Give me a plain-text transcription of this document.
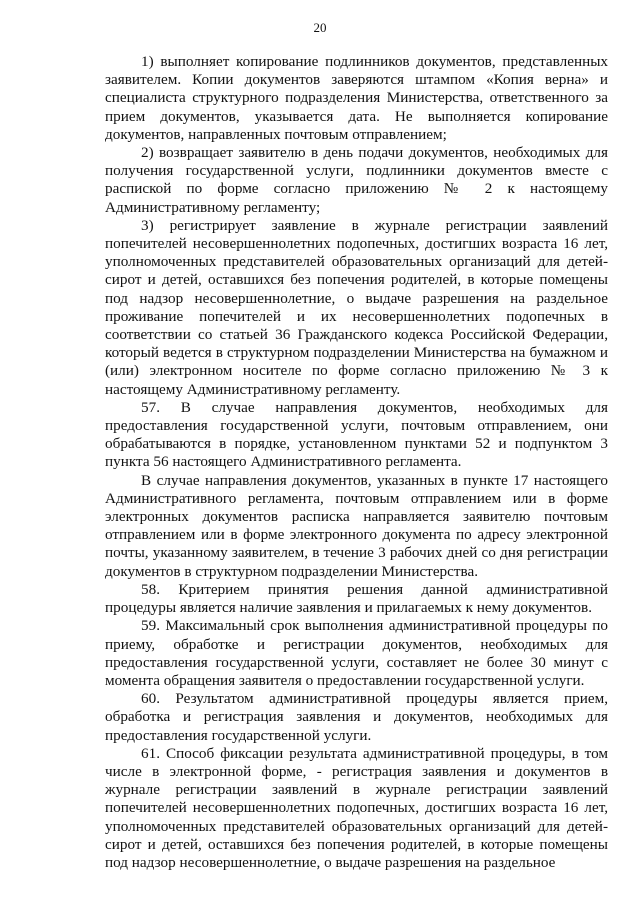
20

1) выполняет копирование подлинников документов, представленных заявителем. Копии документов заверяются штампом «Копия верна» и специалиста структурного подразделения Министерства, ответственного за прием документов, указывается дата. Не выполняется копирование документов, направленных почтовым отправлением;

2) возвращает заявителю в день подачи документов, необходимых для получения государственной услуги, подлинники документов вместе с распиской по форме согласно приложению № 2 к настоящему Административному регламенту;

3) регистрирует заявление в журнале регистрации заявлений попечителей несовершеннолетних подопечных, достигших возраста 16 лет, уполномоченных представителей образовательных организаций для детей-сирот и детей, оставшихся без попечения родителей, в которые помещены под надзор несовершеннолетние, о выдаче разрешения на раздельное проживание попечителей и их несовершеннолетних подопечных в соответствии со статьей 36 Гражданского кодекса Российской Федерации, который ведется в структурном подразделении Министерства на бумажном и (или) электронном носителе по форме согласно приложению № 3 к настоящему Административному регламенту.

57. В случае направления документов, необходимых для предоставления государственной услуги, почтовым отправлением, они обрабатываются в порядке, установленном пунктами 52 и подпунктом 3 пункта 56 настоящего Административного регламента.

В случае направления документов, указанных в пункте 17 настоящего Административного регламента, почтовым отправлением или в форме электронных документов расписка направляется заявителю почтовым отправлением или в форме электронного документа по адресу электронной почты, указанному заявителем, в течение 3 рабочих дней со дня регистрации документов в структурном подразделении Министерства.

58. Критерием принятия решения данной административной процедуры является наличие заявления и прилагаемых к нему документов.

59. Максимальный срок выполнения административной процедуры по приему, обработке и регистрации документов, необходимых для предоставления государственной услуги, составляет не более 30 минут с момента обращения заявителя о предоставлении государственной услуги.

60. Результатом административной процедуры является прием, обработка и регистрация заявления и документов, необходимых для предоставления государственной услуги.

61. Способ фиксации результата административной процедуры, в том числе в электронной форме, - регистрация заявления и документов в журнале регистрации заявлений в журнале регистрации заявлений попечителей несовершеннолетних подопечных, достигших возраста 16 лет, уполномоченных представителей образовательных организаций для детей-сирот и детей, оставшихся без попечения родителей, в которые помещены под надзор несовершеннолетние, о выдаче разрешения на раздельное
